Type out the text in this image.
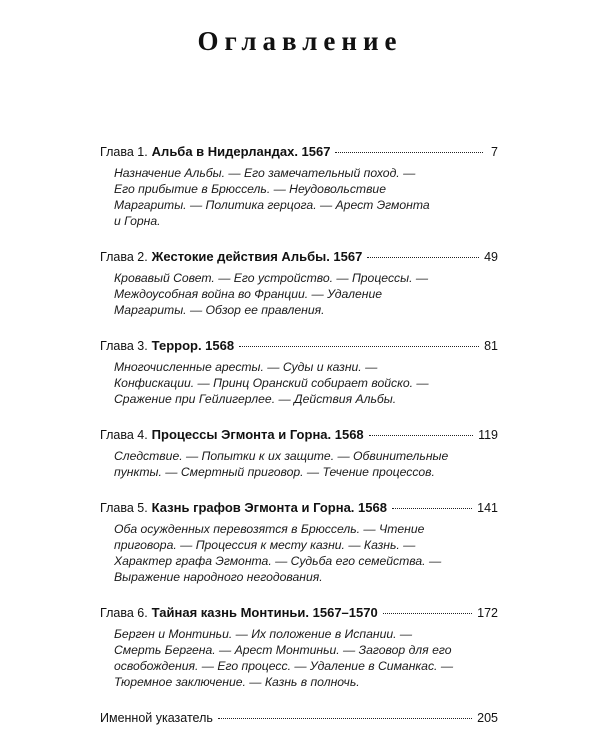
Оглавление
Глава 1. Альба в Нидерландах. 1567	7
Назначение Альбы. — Его замечательный поход. —
Его прибытие в Брюссель. — Неудовольствие
Маргариты. — Политика герцога. — Арест Эгмонта
и Горна.
Глава 2. Жестокие действия Альбы. 1567	49
Кровавый Совет. — Его устройство. — Процессы. —
Междоусобная война во Франции. — Удаление
Маргариты. — Обзор ее правления.
Глава 3. Террор. 1568	81
Многочисленные аресты. — Суды и казни. —
Конфискации. — Принц Оранский собирает войско. —
Сражение при Гейлигерлее. — Действия Альбы.
Глава 4. Процессы Эгмонта и Горна. 1568	119
Следствие. — Попытки к их защите. — Обвинительные
пункты. — Смертный приговор. — Течение процессов.
Глава 5. Казнь графов Эгмонта и Горна. 1568	141
Оба осужденных перевозятся в Брюссель. — Чтение
приговора. — Процессия к месту казни. — Казнь. —
Характер графа Эгмонта. — Судьба его семейства. —
Выражение народного негодования.
Глава 6. Тайная казнь Монтиньи. 1567–1570	172
Берген и Монтиньи. — Их положение в Испании. —
Смерть Бергена. — Арест Монтиньи. — Заговор для его
освобождения. — Его процесс. — Удаление в Симанкас. —
Тюремное заключение. — Казнь в полночь.
Именной указатель	205
